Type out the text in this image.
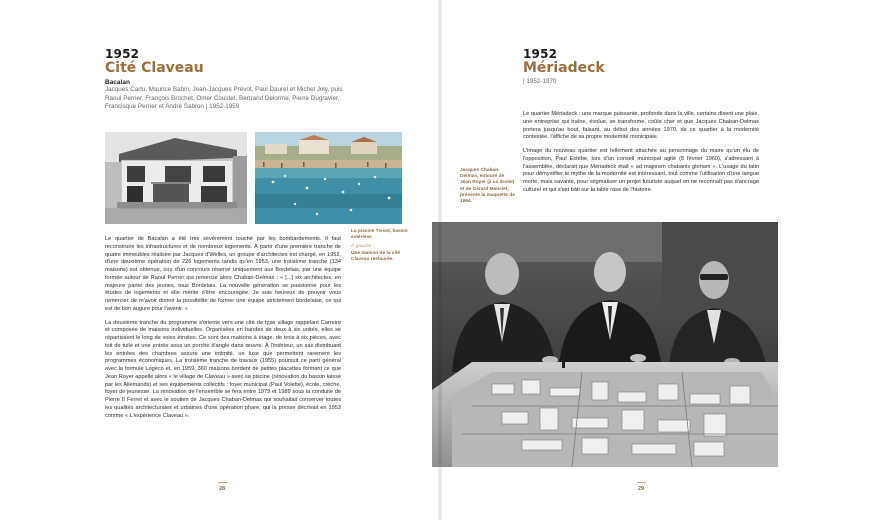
1952
Cité Claveau
Bacalan
Jacques Carlu, Maurice Babin, Jean-Jacques Prévot, Paul Daurel et Michel Joly, puis Raoul Perrier, François Brochet, Omer Coustet, Bertrand Delorme, Pierre Dugravier, Francisque Perrier et André Sabron | 1952-1959
La piscine Tissot, bassin extérieur.
À gauche :
Une maison de la cité Claveau restaurée.

Le quartier de Bacalan a été très sévèrement touché par les bombardements. Il faut reconstruire les infrastructures et de nombreux logements. À partir d'une première tranche de quatre immeubles réalisée par Jacques d'Welles, un groupe d'architectes est chargé, en 1952, d'une deuxième opération de 226 logements tandis qu'en 1953, une troisième tranche (134 maisons) est obtenue, lors d'un concours réservé uniquement aux Bordelais, par une équipe formée autour de Raoul Perrier qui remercie alors Chaban-Delmas : « [...] six architectes, en majeure partie des jeunes, tous Bordelais. La nouvelle génération se passionne pour les études de logements et elle mérite d'être encouragée. Je suis heureux de pouvoir vous remercier de m'avoir donné la possibilité de former une équipe strictement bordelaise, ce qui est de bon augure pour l'avenir. »

La deuxième tranche du programme s'oriente vers une cité de type village rappelant Carreire et composée de maisons individuelles. Organisées en bandes de deux à six unités, elles se répartissent le long de voies étroites. Ce sont des maisons à étage, de trois à six pièces, avec toit de tuile et une entrée sous un porche d'angle dans œuvre. À l'intérieur, un sas distribuant les entrées des chambres assure une intimité, un luxe que permettent rarement les programmes économiques. La troisième tranche de travaux (1955) poursuit ce parti général avec la formule Logéco et, en 1959, 360 maisons bordent de petites placettes formant ce que Jean Royer appelle alors « le village de Claveau » avec sa piscine (rénovation du bassin laissé par les Allemands) et ses équipements collectifs : foyer municipal (Paul Volette), école, crèche, foyer de jeunesse. La rénovation de l'ensemble se fera entre 1979 et 1989 sous la conduite de Pierre II Ferret et avec le soutien de Jacques Chaban-Delmas qui souhaitait conserver toutes les qualités architecturales et urbaines d'une opération phare, qui la presse décrivait en 1953 comme « L'expérience Claveau ».

28
1952
Mériadeck
| 1952-1970
Jacques Chaban-Delmas, entouré de Jean Royer (à sa droite) et de Gérard Manciet, présente la maquette de 1964.

Le quartier Mériadeck : une marque puissante, profonde dans la ville, certains disent une plaie, une entreprise qui traîne, évolue, se transforme, coûte cher et que Jacques Chaban-Delmas portera jusqu'au bout, faisant, au début des années 1970, de ce quartier à la modernité contestée, l'affiche de sa propre modernité municipale.

L'image du nouveau quartier est tellement attachée au personnage du maire qu'un élu de l'opposition, Paul Estèbe, lors d'un conseil municipal agité (8 février 1960), s'adressant à l'assemblée, déclarait que Mériadeck était « ad majorem chabanis gloriam ». L'usage du latin pour démystifier le mythe de la modernité est intéressant, tout comme l'utilisation d'une langue morte, mais savante, pour stigmatiser un projet futuriste auquel on ne reconnaît pas d'ancrage culturel et qui s'est bâti sur la table rase de l'histoire.

29
